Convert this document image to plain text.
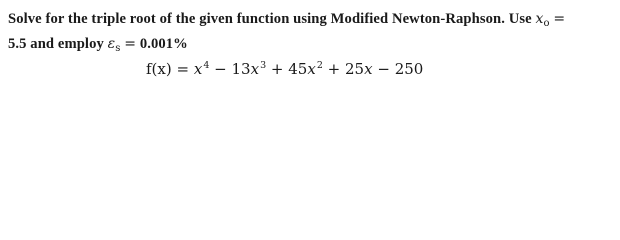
Solve for the triple root of the given function using Modified Newton-Raphson. Use $x_o$ =
5.5 and employ $\varepsilon_s = 0.001\%$
$f(x) = x^4 - 13x^3 + 45x^2 + 25x - 250$
